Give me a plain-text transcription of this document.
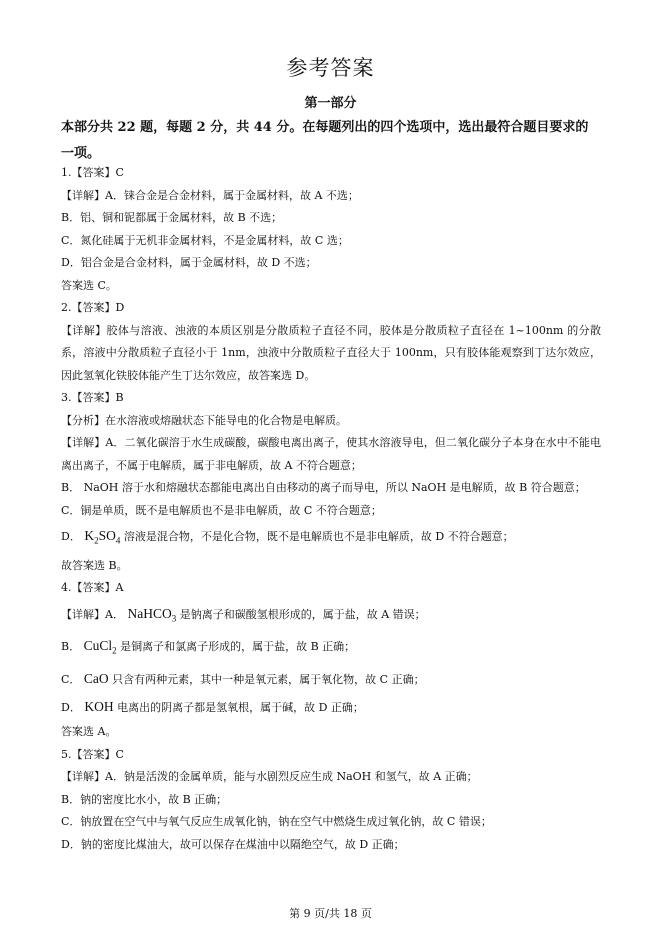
参考答案
第一部分
本部分共 22 题，每题 2 分，共 44 分。在每题列出的四个选项中，选出最符合题目要求的一项。
1.【答案】C
【详解】A．铼合金是合金材料，属于金属材料，故 A 不选；
B．铝、铜和铌都属于金属材料，故 B 不选；
C．氮化硅属于无机非金属材料，不是金属材料，故 C 选；
D．铝合金是合金材料，属于金属材料，故 D 不选；
答案选 C。
2.【答案】D
【详解】胶体与溶液、浊液的本质区别是分散质粒子直径不同，胶体是分散质粒子直径在 1~100nm 的分散系，溶液中分散质粒子直径小于 1nm，浊液中分散质粒子直径大于 100nm，只有胶体能观察到丁达尔效应，因此氢氧化铁胶体能产生丁达尔效应，故答案选 D。
3.【答案】B
【分析】在水溶液或熔融状态下能导电的化合物是电解质。
【详解】A．二氧化碳溶于水生成碳酸，碳酸电离出离子，使其水溶液导电，但二氧化碳分子本身在水中不能电离出离子，不属于电解质，属于非电解质，故 A 不符合题意；
B． NaOH 溶于水和熔融状态都能电离出自由移动的离子而导电，所以 NaOH 是电解质，故 B 符合题意；
C．铜是单质，既不是电解质也不是非电解质，故 C 不符合题意；
D． $K_2SO_4$ 溶液是混合物，不是化合物，既不是电解质也不是非电解质，故 D 不符合题意；
故答案选 B。
4.【答案】A
【详解】A． NaHCO$_3$ 是钠离子和碳酸氢根形成的，属于盐，故 A 错误；
B． CuCl$_2$ 是铜离子和氯离子形成的，属于盐，故 B 正确；
C． CaO 只含有两种元素，其中一种是氧元素，属于氧化物，故 C 正确；
D． KOH 电离出的阴离子都是氢氧根，属于碱，故 D 正确；
答案选 A。
5.【答案】C
【详解】A．钠是活泼的金属单质，能与水剧烈反应生成 NaOH 和氢气，故 A 正确；
B．钠的密度比水小，故 B 正确；
C．钠放置在空气中与氧气反应生成氧化钠，钠在空气中燃烧生成过氧化钠，故 C 错误；
D．钠的密度比煤油大，故可以保存在煤油中以隔绝空气，故 D 正确；
第 9 页/共 18 页
